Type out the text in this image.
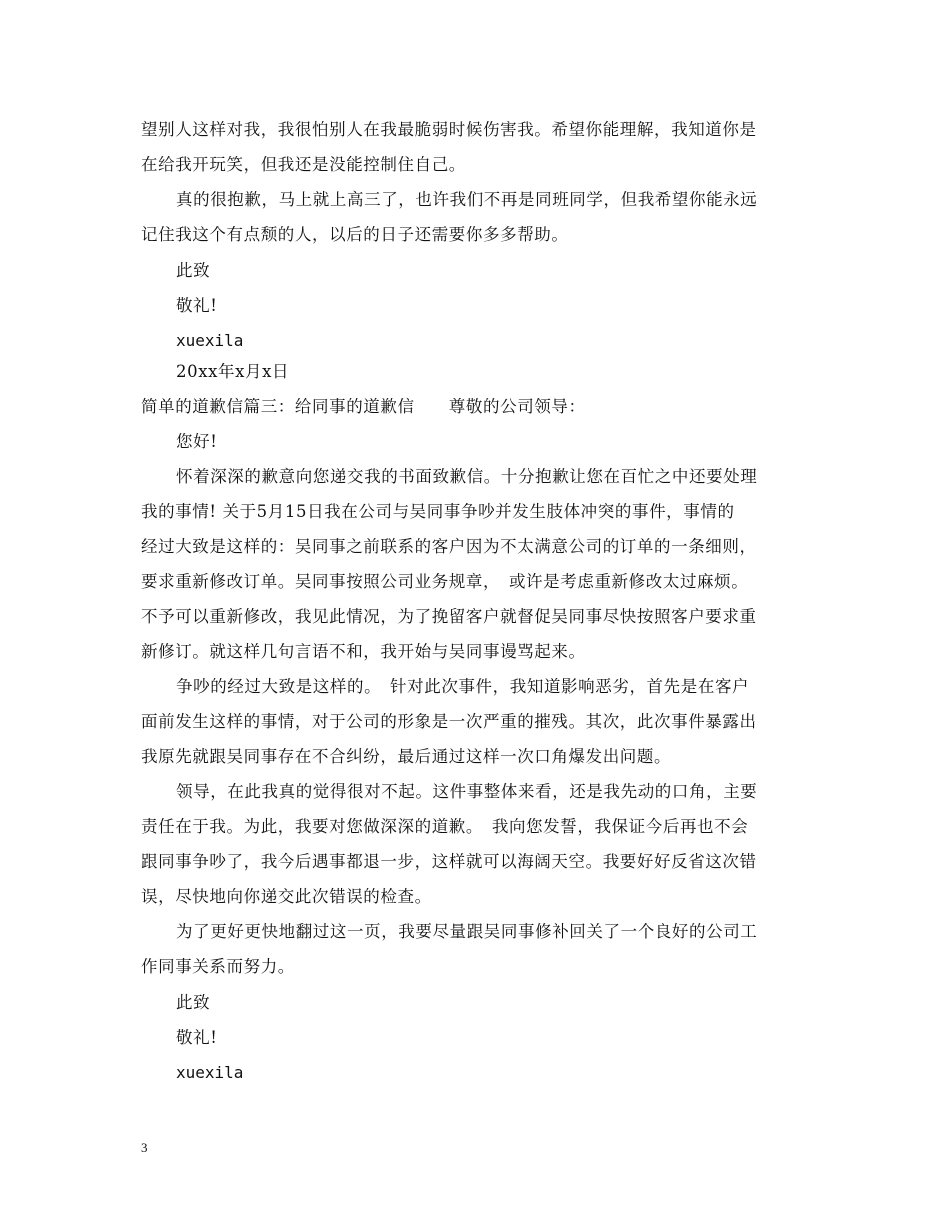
望别人这样对我，我很怕别人在我最脆弱时候伤害我。希望你能理解，我知道你是
在给我开玩笑，但我还是没能控制住自己。
真的很抱歉，马上就上高三了，也许我们不再是同班同学，但我希望你能永远
记住我这个有点颓的人，以后的日子还需要你多多帮助。
此致
敬礼!
xuexila
20xx年x月x日
简单的道歉信篇三：给同事的道歉信　　尊敬的公司领导：
您好!
怀着深深的歉意向您递交我的书面致歉信。十分抱歉让您在百忙之中还要处理
我的事情! 关于5月15日我在公司与吴同事争吵并发生肢体冲突的事件，事情的
经过大致是这样的：吴同事之前联系的客户因为不太满意公司的订单的一条细则，
要求重新修改订单。吴同事按照公司业务规章，　或许是考虑重新修改太过麻烦。
不予可以重新修改，我见此情况，为了挽留客户就督促吴同事尽快按照客户要求重
新修订。就这样几句言语不和，我开始与吴同事谩骂起来。
争吵的经过大致是这样的。　针对此次事件，我知道影响恶劣，首先是在客户
面前发生这样的事情，对于公司的形象是一次严重的摧残。其次，此次事件暴露出
我原先就跟吴同事存在不合纠纷，最后通过这样一次口角爆发出问题。
领导，在此我真的觉得很对不起。这件事整体来看，还是我先动的口角，主要
责任在于我。为此，我要对您做深深的道歉。　我向您发誓，我保证今后再也不会
跟同事争吵了，我今后遇事都退一步，这样就可以海阔天空。我要好好反省这次错
误，尽快地向你递交此次错误的检查。
为了更好更快地翻过这一页，我要尽量跟吴同事修补回关了一个良好的公司工
作同事关系而努力。
此致
敬礼!
xuexila
3
